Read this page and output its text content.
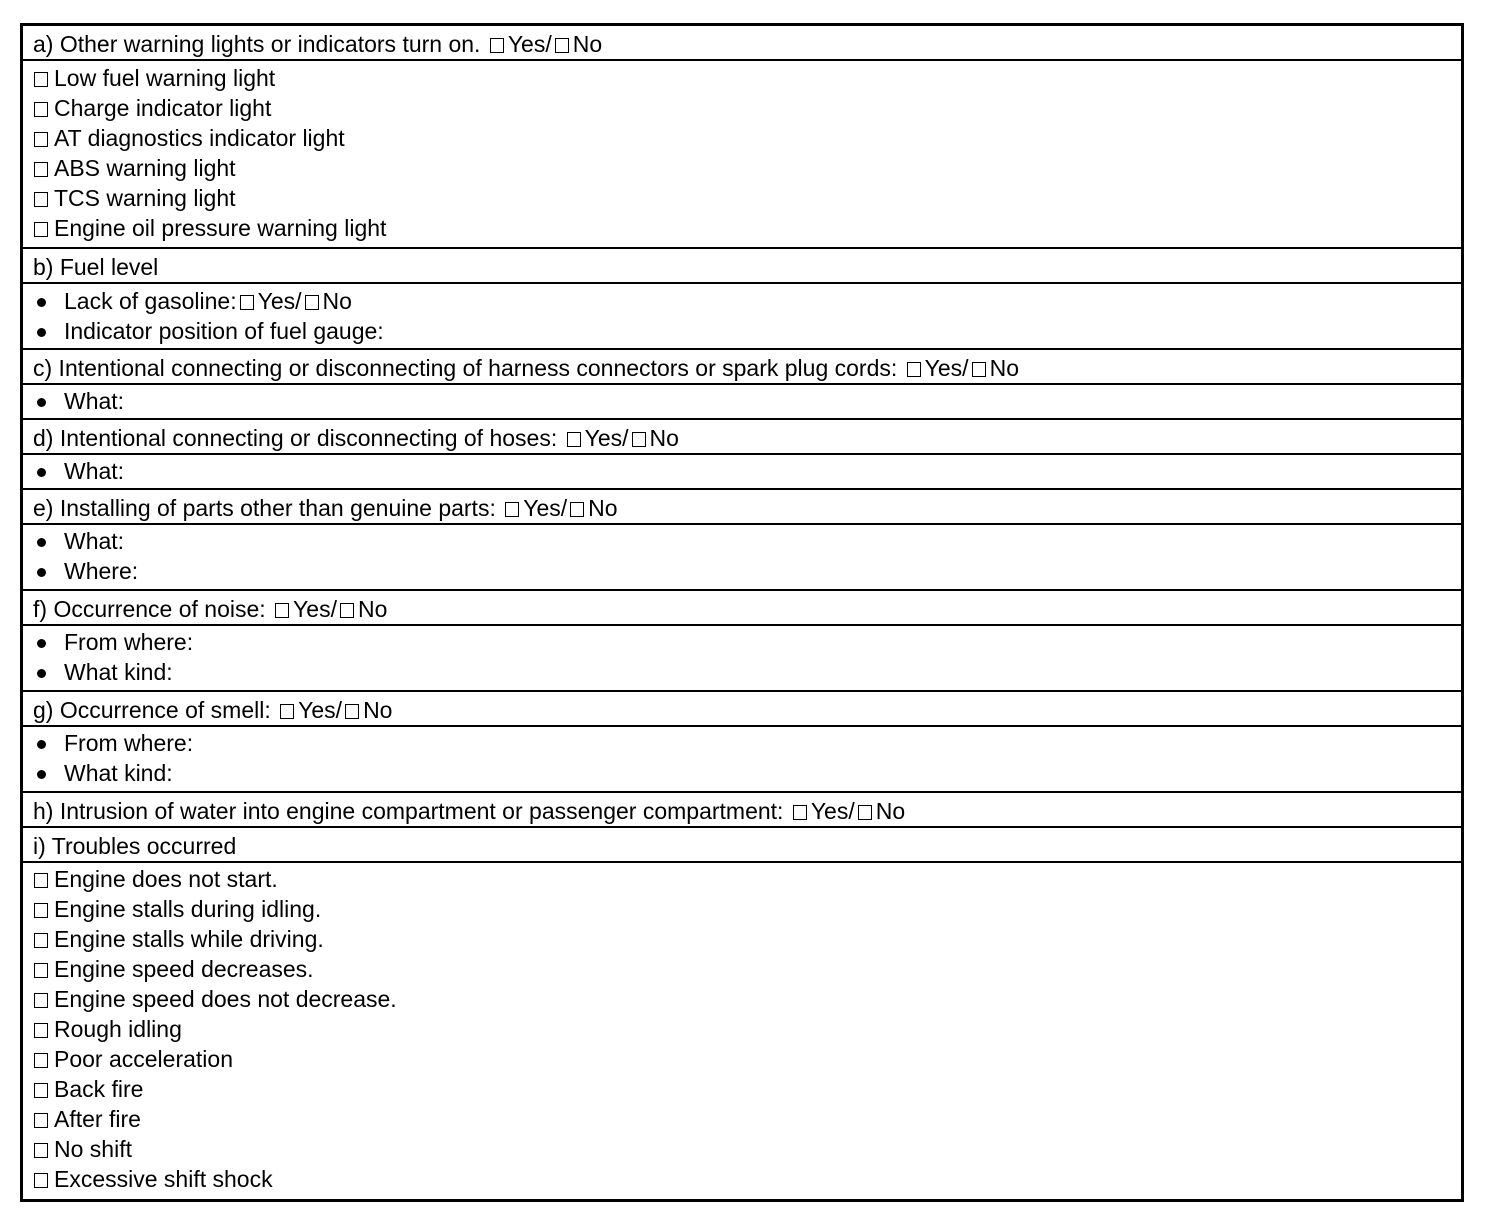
a) Other warning lights or indicators turn on. Yes/ No
Low fuel warning light
Charge indicator light
AT diagnostics indicator light
ABS warning light
TCS warning light
Engine oil pressure warning light
b) Fuel level
Lack of gasoline: Yes/ No
Indicator position of fuel gauge:
c) Intentional connecting or disconnecting of harness connectors or spark plug cords: Yes/ No
What:
d) Intentional connecting or disconnecting of hoses: Yes/ No
What:
e) Installing of parts other than genuine parts: Yes/ No
What:
Where:
f) Occurrence of noise: Yes/ No
From where:
What kind:
g) Occurrence of smell: Yes/ No
From where:
What kind:
h) Intrusion of water into engine compartment or passenger compartment: Yes/ No
i) Troubles occurred
Engine does not start.
Engine stalls during idling.
Engine stalls while driving.
Engine speed decreases.
Engine speed does not decrease.
Rough idling
Poor acceleration
Back fire
After fire
No shift
Excessive shift shock
